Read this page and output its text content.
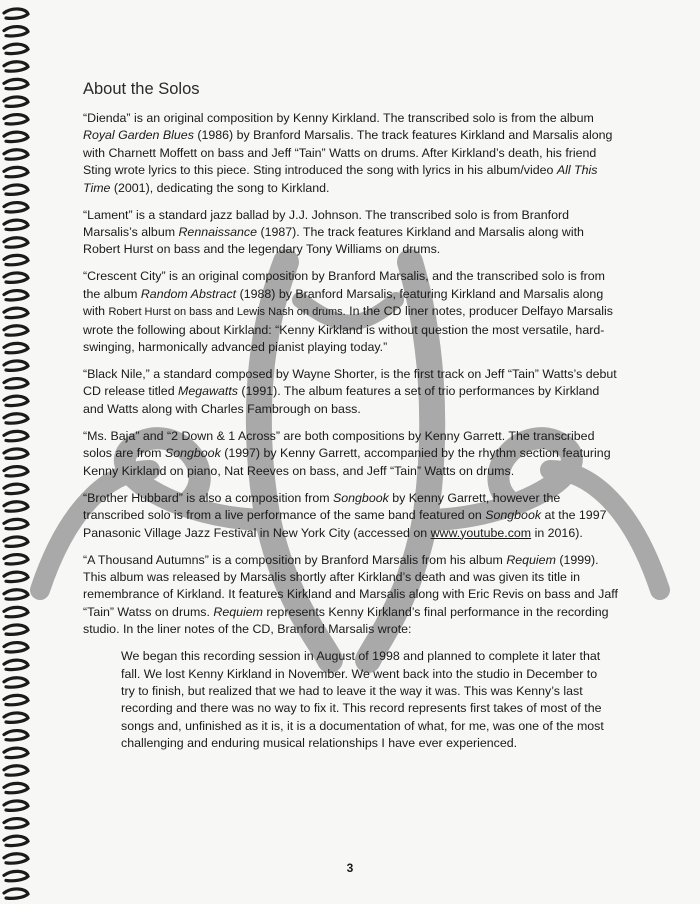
About the Solos

“Dienda” is an original composition by Kenny Kirkland. The transcribed solo is from the album Royal Garden Blues (1986) by Branford Marsalis. The track features Kirkland and Marsalis along with Charnett Moffett on bass and Jeff “Tain” Watts on drums. After Kirkland’s death, his friend Sting wrote lyrics to this piece. Sting introduced the song with lyrics in his album/video All This Time (2001), dedicating the song to Kirkland.

“Lament” is a standard jazz ballad by J.J. Johnson. The transcribed solo is from Branford Marsalis’s album Rennaissance (1987). The track features Kirkland and Marsalis along with Robert Hurst on bass and the legendary Tony Williams on drums.

“Crescent City” is an original composition by Branford Marsalis, and the transcribed solo is from the album Random Abstract (1988) by Branford Marsalis, featuring Kirkland and Marsalis along with Robert Hurst on bass and Lewis Nash on drums. In the CD liner notes, producer Delfayo Marsalis wrote the following about Kirkland: “Kenny Kirkland is without question the most versatile, hard-swinging, harmonically advanced pianist playing today.”

“Black Nile,” a standard composed by Wayne Shorter, is the first track on Jeff “Tain” Watts’s debut CD release titled Megawatts (1991). The album features a set of trio performances by Kirkland and Watts along with Charles Fambrough on bass.

“Ms. Baja” and “2 Down & 1 Across” are both compositions by Kenny Garrett. The transcribed solos are from Songbook (1997) by Kenny Garrett, accompanied by the rhythm section featuring Kenny Kirkland on piano, Nat Reeves on bass, and Jeff “Tain” Watts on drums.

“Brother Hubbard” is also a composition from Songbook by Kenny Garrett, however the transcribed solo is from a live performance of the same band featured on Songbook at the 1997 Panasonic Village Jazz Festival in New York City (accessed on www.youtube.com in 2016).

“A Thousand Autumns” is a composition by Branford Marsalis from his album Requiem (1999). This album was released by Marsalis shortly after Kirkland’s death and was given its title in remembrance of Kirkland. It features Kirkland and Marsalis along with Eric Revis on bass and Jaff “Tain” Watss on drums. Requiem represents Kenny Kirkland’s final performance in the recording studio. In the liner notes of the CD, Branford Marsalis wrote:

We began this recording session in August of 1998 and planned to complete it later that fall. We lost Kenny Kirkland in November. We went back into the studio in December to try to finish, but realized that we had to leave it the way it was. This was Kenny’s last recording and there was no way to fix it. This record represents first takes of most of the songs and, unfinished as it is, it is a documentation of what, for me, was one of the most challenging and enduring musical relationships I have ever experienced.

3
